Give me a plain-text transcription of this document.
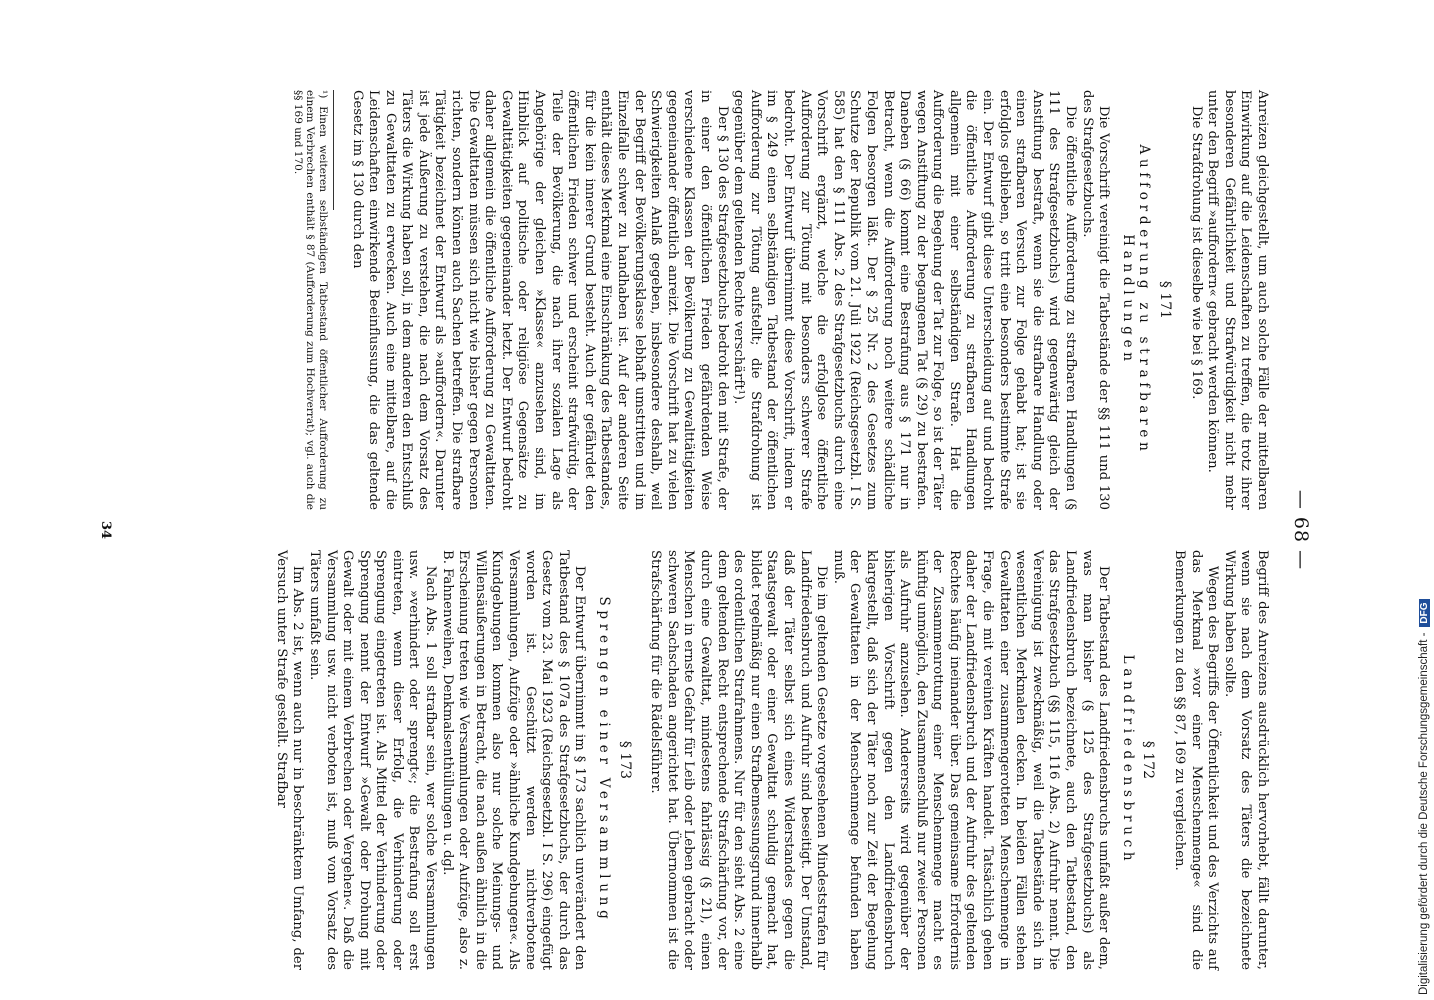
— 68 —

Anreizen gleichgestellt, um auch solche Fälle der mittelbaren Einwirkung auf die Leidenschaften zu treffen, die trotz ihrer besonderen Gefährlichkeit und Strafwürdigkeit nicht mehr unter den Begriff »auffordern« gebracht werden können.

Die Strafdrohung ist dieselbe wie bei § 169.

§ 171
Aufforderung zu strafbaren Handlungen

Die Vorschrift vereinigt die Tatbestände der §§ 111 und 130 des Strafgesetzbuchs.

Die öffentliche Aufforderung zu strafbaren Handlungen (§ 111 des Strafgesetzbuchs) wird gegenwärtig gleich der Anstiftung bestraft, wenn sie die strafbare Handlung oder einen strafbaren Versuch zur Folge gehabt hat; ist sie erfolglos geblieben, so tritt eine besonders bestimmte Strafe ein. Der Entwurf gibt diese Unterscheidung auf und bedroht die öffentliche Aufforderung zu strafbaren Handlungen allgemein mit einer selbständigen Strafe. Hat die Aufforderung die Begehung der Tat zur Folge, so ist der Täter wegen Anstiftung zu der begangenen Tat (§ 29) zu bestrafen. Daneben (§ 66) kommt eine Bestrafung aus § 171 nur in Betracht, wenn die Aufforderung noch weitere schädliche Folgen besorgen läßt. Der § 25 Nr. 2 des Gesetzes zum Schutze der Republik vom 21. Juli 1922 (Reichsgesetzbl. I S. 585) hat den § 111 Abs. 2 des Strafgesetzbuchs durch eine Vorschrift ergänzt, welche die erfolglose öffentliche Aufforderung zur Tötung mit besonders schwerer Strafe bedroht. Der Entwurf übernimmt diese Vorschrift, indem er im § 249 einen selbständigen Tatbestand der öffentlichen Aufforderung zur Tötung aufstellt; die Strafdrohung ist gegenüber dem geltenden Rechte verschärft¹).

Der § 130 des Strafgesetzbuchs bedroht den mit Strafe, der in einer den öffentlichen Frieden gefährdenden Weise verschiedene Klassen der Bevölkerung zu Gewalttätigkeiten gegeneinander öffentlich anreizt. Die Vorschrift hat zu vielen Schwierigkeiten Anlaß gegeben, insbesondere deshalb, weil der Begriff der Bevölkerungsklasse lebhaft umstritten und im Einzelfalle schwer zu handhaben ist. Auf der anderen Seite enthält dieses Merkmal eine Einschränkung des Tatbestandes, für die kein innerer Grund besteht. Auch der gefährdet den öffentlichen Frieden schwer und erscheint strafwürdig, der Teile der Bevölkerung, die nach ihrer sozialen Lage als Angehörige der gleichen »Klasse« anzusehen sind, im Hinblick auf politische oder religiöse Gegensätze zu Gewalttätigkeiten gegeneinander hetzt. Der Entwurf bedroht daher allgemein die öffentliche Aufforderung zu Gewalttaten. Die Gewalttaten müssen sich nicht wie bisher gegen Personen richten, sondern können auch Sachen betreffen. Die strafbare Tätigkeit bezeichnet der Entwurf als »auffordern«. Darunter ist jede Äußerung zu verstehen, die nach dem Vorsatz des Täters die Wirkung haben soll, in dem anderen den Entschluß zu Gewalttaten zu erwecken. Auch eine mittelbare, auf die Leidenschaften einwirkende Beeinflussung, die das geltende Gesetz im § 130 durch den

¹) Einen weiteren selbständigen Tatbestand öffentlicher Aufforderung zu einem Verbrechen enthält § 87 (Aufforderung zum Hochverrat); vgl. auch die §§ 169 und 170.

Begriff des Anreizens ausdrücklich hervorhebt, fällt darunter, wenn sie nach dem Vorsatz des Täters die bezeichnete Wirkung haben sollte.

Wegen des Begriffs der Öffentlichkeit und des Verzichts auf das Merkmal »vor einer Menschenmenge« sind die Bemerkungen zu den §§ 87, 169 zu vergleichen.

§ 172
Landfriedensbruch

Der Tatbestand des Landfriedensbruchs umfaßt außer dem, was man bisher (§ 125 des Strafgesetzbuchs) als Landfriedensbruch bezeichnete, auch den Tatbestand, den das Strafgesetzbuch (§§ 115, 116 Abs. 2) Aufruhr nennt. Die Vereinigung ist zweckmäßig, weil die Tatbestände sich in wesentlichen Merkmalen decken. In beiden Fällen stehen Gewalttaten einer zusammengerotteten Menschenmenge in Frage, die mit vereinten Kräften handelt. Tatsächlich gehen daher der Landfriedensbruch und der Aufruhr des geltenden Rechtes häufig ineinander über. Das gemeinsame Erfordernis der Zusammenrottung einer Menschenmenge macht es künftig unmöglich, den Zusammenschluß nur zweier Personen als Aufruhr anzusehen. Andererseits wird gegenüber der bisherigen Vorschrift gegen den Landfriedensbruch klargestellt, daß sich der Täter noch zur Zeit der Begehung der Gewalttaten in der Menschenmenge befunden haben muß.

Die im geltenden Gesetze vorgesehenen Mindeststrafen für Landfriedensbruch und Aufruhr sind beseitigt. Der Umstand, daß der Täter selbst sich eines Widerstandes gegen die Staatsgewalt oder einer Gewalttat schuldig gemacht hat, bildet regelmäßig nur einen Strafbemessungsgrund innerhalb des ordentlichen Strafrahmens. Nur für den sieht Abs. 2 eine dem geltenden Recht entsprechende Strafschärfung vor, der durch eine Gewalttat, mindestens fahrlässig (§ 21), einen Menschen in ernste Gefahr für Leib oder Leben gebracht oder schweren Sachschaden angerichtet hat. Übernommen ist die Strafschärfung für die Rädelsführer.

§ 173
Sprengen einer Versammlung

Der Entwurf übernimmt im § 173 sachlich unverändert den Tatbestand des § 107a des Strafgesetzbuchs, der durch das Gesetz vom 23. Mai 1923 (Reichsgesetzbl. I S. 296) eingefügt worden ist. Geschützt werden nichtverbotene Versammlungen, Aufzüge oder »ähnliche Kundgebungen«. Als Kundgebungen kommen also nur solche Meinungs- und Willensäußerungen in Betracht, die nach außen ähnlich in die Erscheinung treten wie Versammlungen oder Aufzüge, also z. B. Fahnenweihen, Denkmalsenthüllungen u. dgl.

Nach Abs. 1 soll strafbar sein, wer solche Versammlungen usw. »verhindert oder sprengt«; die Bestrafung soll erst eintreten, wenn dieser Erfolg, die Verhinderung oder Sprengung eingetreten ist. Als Mittel der Verhinderung oder Sprengung nennt der Entwurf »Gewalt oder Drohung mit Gewalt oder mit einem Verbrechen oder Vergehen«. Daß die Versammlung usw. nicht verboten ist, muß vom Vorsatz des Täters umfaßt sein.

Im Abs. 2 ist, wenn auch nur in beschränktem Umfang, der Versuch unter Strafe gestellt. Strafbar

34
Digitalisierung gefördert durch die Deutsche Forschungsgemeinschaft -DFG
